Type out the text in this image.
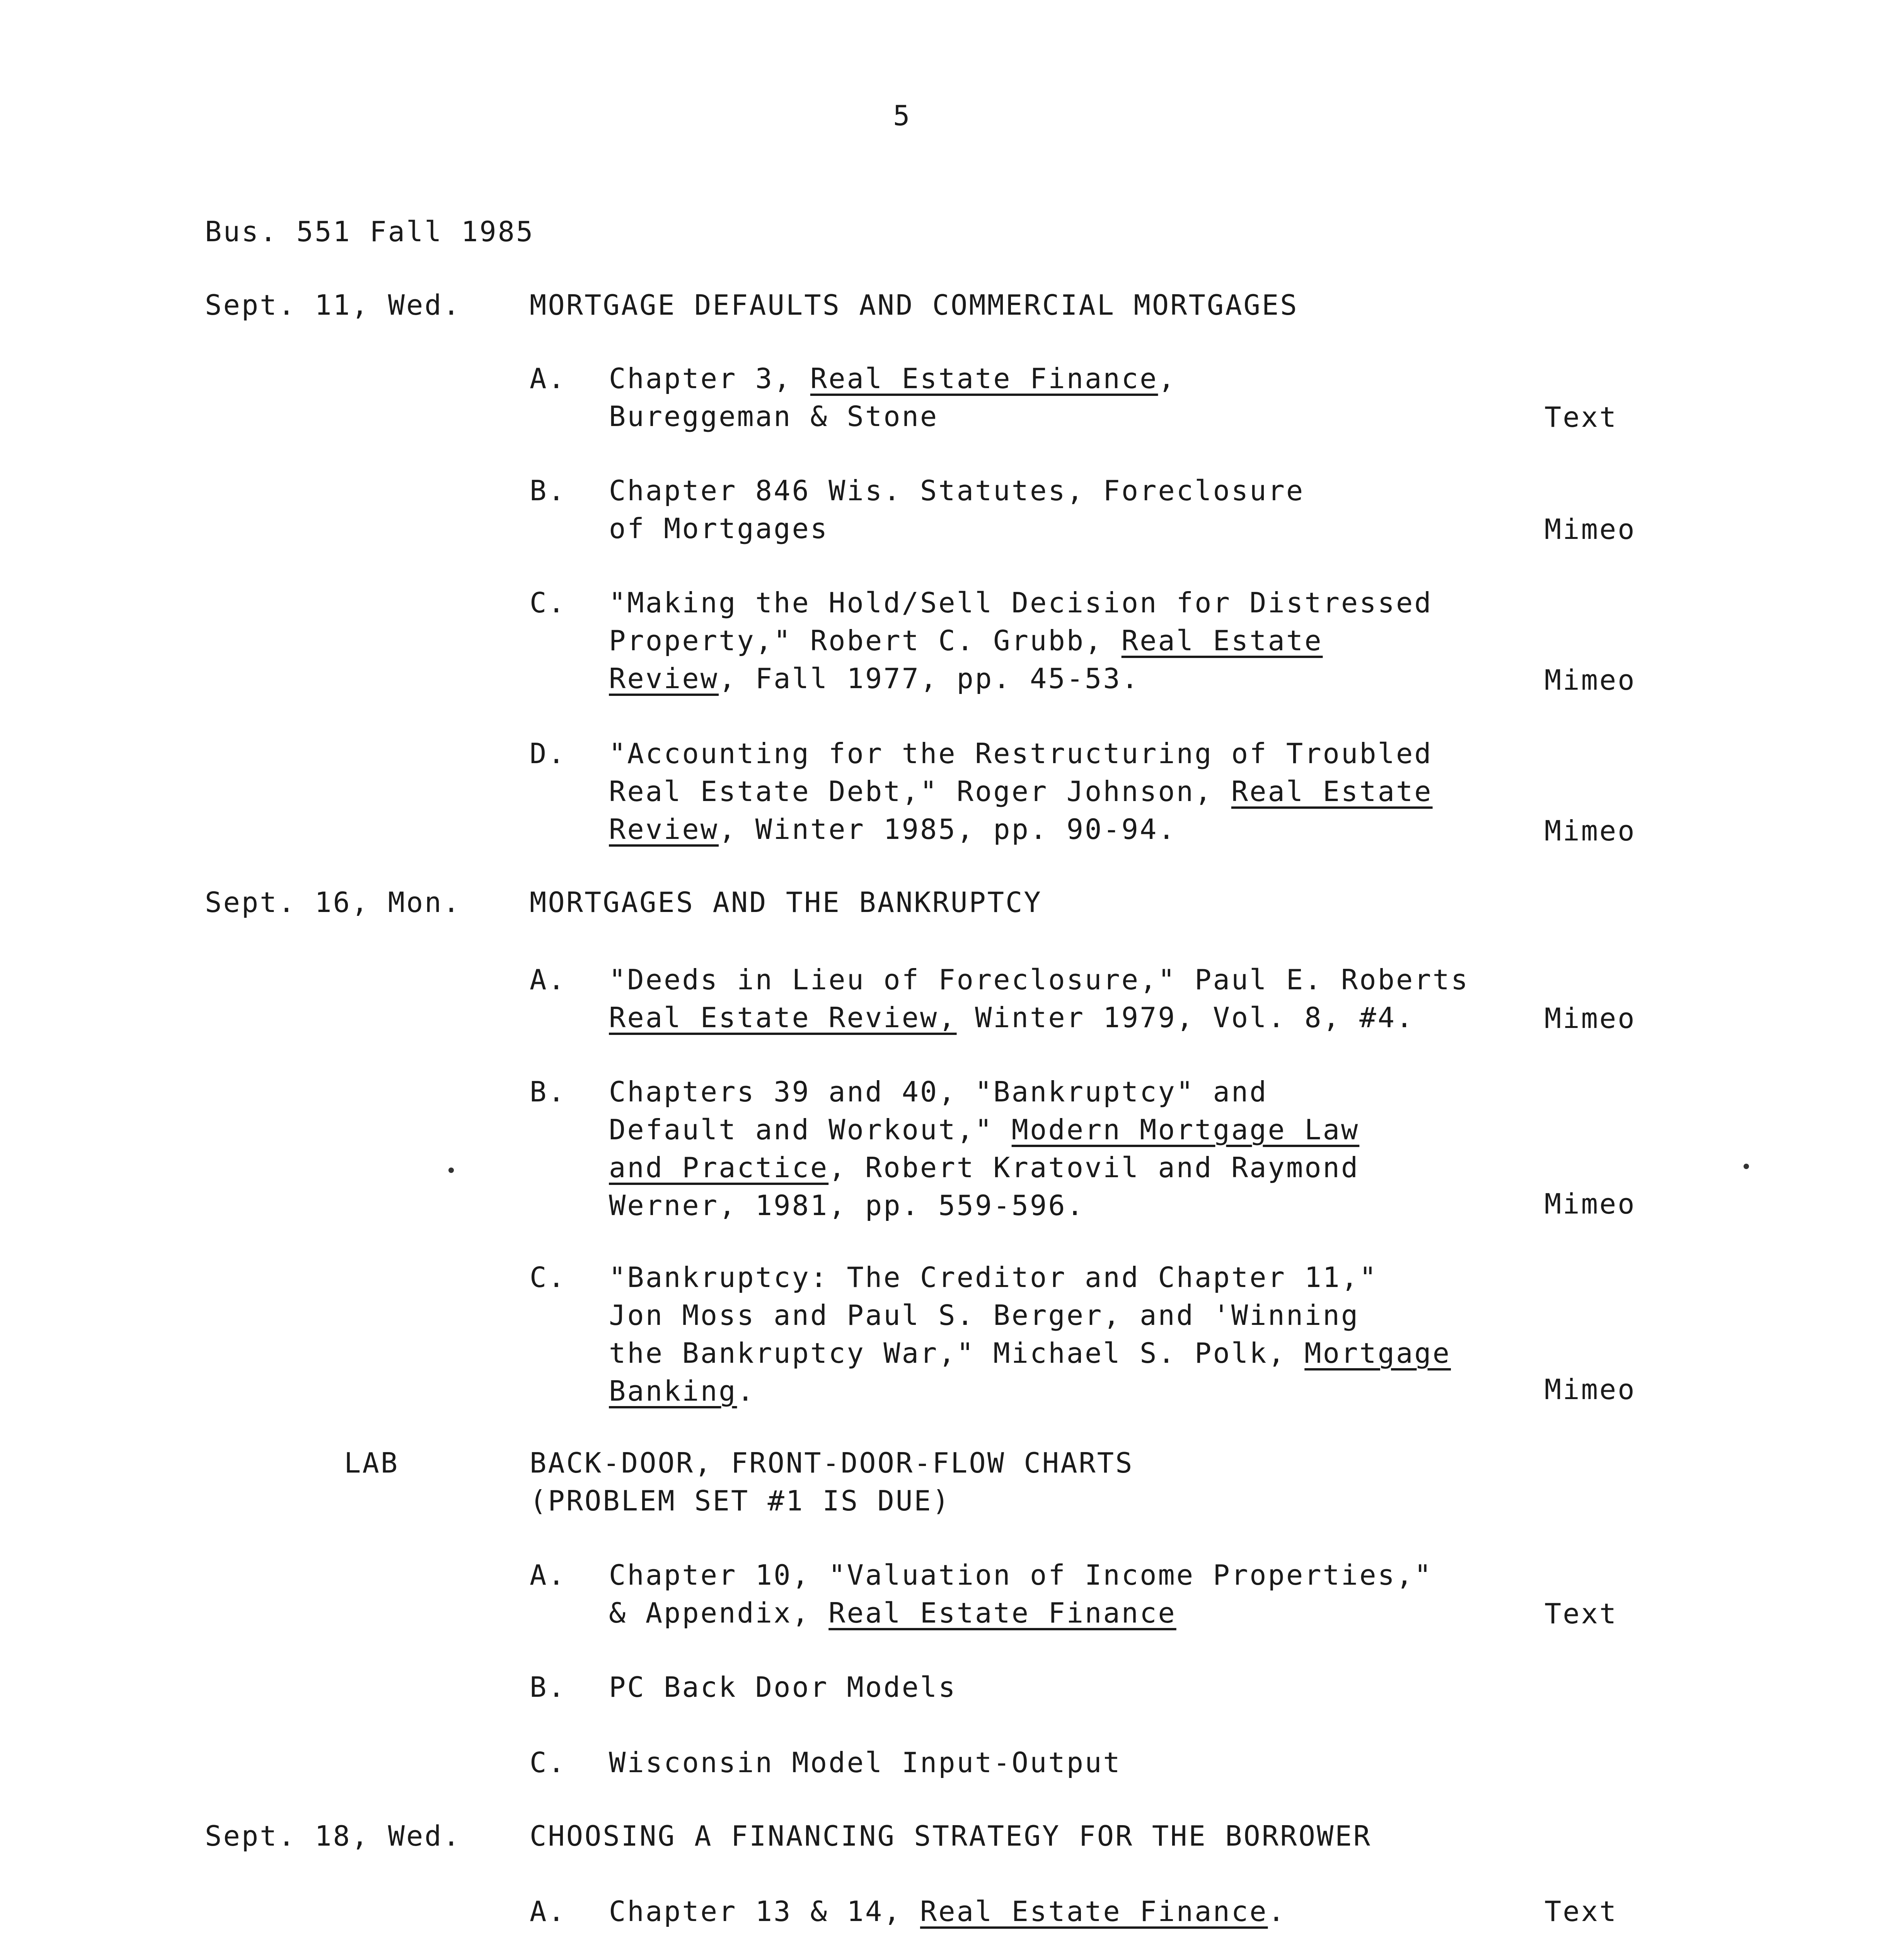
5
Bus. 551 Fall 1985
Sept. 11, Wed. MORTGAGE DEFAULTS AND COMMERCIAL MORTGAGES
A. Chapter 3, Real Estate Finance,
Bureggeman & Stone	Text
B. Chapter 846 Wis. Statutes, Foreclosure
of Mortgages	Mimeo
C. "Making the Hold/Sell Decision for Distressed
Property," Robert C. Grubb, Real Estate
Review, Fall 1977, pp. 45-53.	Mimeo
D. "Accounting for the Restructuring of Troubled
Real Estate Debt," Roger Johnson, Real Estate
Review, Winter 1985, pp. 90-94.	Mimeo
Sept. 16, Mon. MORTGAGES AND THE BANKRUPTCY
A. "Deeds in Lieu of Foreclosure," Paul E. Roberts
Real Estate Review, Winter 1979, Vol. 8, #4.	Mimeo
B. Chapters 39 and 40, "Bankruptcy" and
Default and Workout," Modern Mortgage Law
and Practice, Robert Kratovil and Raymond
Werner, 1981, pp. 559-596.	Mimeo
C. "Bankruptcy: The Creditor and Chapter 11,"
Jon Moss and Paul S. Berger, and 'Winning
the Bankruptcy War," Michael S. Polk, Mortgage
Banking.	Mimeo
LAB	BACK-DOOR, FRONT-DOOR-FLOW CHARTS
(PROBLEM SET #1 IS DUE)
A. Chapter 10, "Valuation of Income Properties,"
& Appendix, Real Estate Finance	Text
B. PC Back Door Models
C. Wisconsin Model Input-Output
Sept. 18, Wed. CHOOSING A FINANCING STRATEGY FOR THE BORROWER
A. Chapter 13 & 14, Real Estate Finance.	Text
